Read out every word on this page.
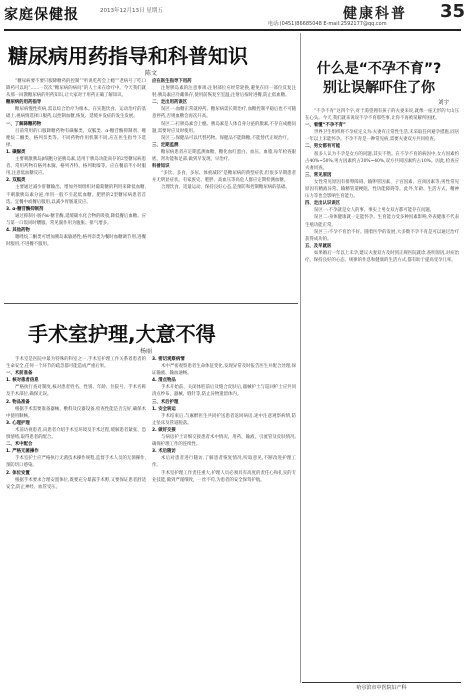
家庭保健报	2013年12月13日 星期五
电话:(0451)86685048 E-mail:2592177@qq.com
健康科普 35
糖尿病用药指导和科普知识
陈文

“糖尿病要不要只服降糖药的控制”“听说吃药会上瘾”“老病号了吃口降药可以吗”……一次次“糖尿病的病问”的人士来在诊疗中。今天我们就从那一回教糖尿病的用药知识,让大家对于用药正确了解知识。

糖尿病的用药指导

糖尿病慢性疾病,需以综合治疗为根本。在实施饮食、运动治疗的基础上,视病情选择口服药,以控制血糖,恢复、延缓并发症的发生发展。

一、了解降糖药物

目前常用的口服降糖药物有磺脲类、双胍类、α-糖苷酶抑制剂、噻唑烷二酮类、格列奈类等。不同药物作用机制不同,应在医生指导下选择。

1. 磺脲类

主要刺激胰岛β细胞分泌胰岛素,适用于胰岛功能尚存的2型糖尿病患者。常用药物有格列本脲、格列齐特、格列吡嗪等。应在餐前半小时服用,注意低血糖反应。

2. 双胍类

主要通过减少肝糖输出、增加外周组织对葡萄糖的利用来降低血糖,不刺激胰岛素分泌,单用一般不引起低血糖。肥胖的2型糖尿病患者首选。宜餐中或餐后服用,以减少胃肠道反应。

3. α-糖苷酶抑制剂

通过抑制小肠内α-糖苷酶,延缓碳水化合物的吸收,降低餐后血糖。应与第一口饭同时嚼服。常见副作用为腹胀、排气增多。

4. 其他药物

噻唑烷二酮类可增加胰岛素敏感性;格列奈类为餐时血糖调节剂,进餐时服用,不进餐不服用。

应在医生指导下用药

注射胰岛素的注意事项:注射部位应经常轮换,避免在同一部位反复注射;胰岛素应冷藏保存,使用前恢复至室温;注射后按时进餐,防止低血糖。

二、走出用药误区

误区一:血糖正常就停药。糖尿病需长期治疗,血糖控制平稳后也不可随意停药,否则血糖会再次升高。

误区二:打胰岛素会上瘾。胰岛素是人体自身分泌的激素,不存在成瘾问题,需要时应及时使用。

误区三:保健品可以代替药物。保健品不能降糖,不能替代正规治疗。

三、定期监测

糖尿病患者应定期监测血糖、糖化血红蛋白、血压、血脂,每年检查眼底、肾功能和足部,做到早发现、早治疗。

科普知识

“多饮、多食、多尿、体重减轻”是糖尿病的典型症状,但很多早期患者并无明显症状。有家族史、肥胖、高血压等高危人群应定期检测血糖。

合理饮食、适量运动、保持良好心态,是预防和控制糖尿病的基础。

手术室护理,大意不得
杨丽

手术室是医院中最为特殊的科室之一,手术室护理工作关系着患者的生命安全,任何一个环节的疏忽都可能造成严重后果。

一、术前准备

1. 核对患者信息

严格执行查对制度,核对患者姓名、性别、年龄、住院号、手术名称及手术部位,确保无误。

2. 物品准备

根据手术需要准备器械、敷料及仪器设备,检查性能是否完好,确保术中使用顺畅。

3. 心理护理

术前访视患者,向患者介绍手术室环境及手术过程,缓解患者紧张、恐惧情绪,取得患者的配合。

二、术中配合

1. 严格无菌操作

手术室护士应严格执行无菌技术操作规程,监督手术人员的无菌操作,预防切口感染。

2. 体位安置

根据手术要求合理安置体位,既要充分暴露手术野,又要保证患者舒适安全,防止神经、血管受压。

3. 密切观察病情

术中严密观察患者生命体征变化,发现异常及时报告医生并配合处理,保证输液、输血通畅。

4. 清点物品

手术开始前、关闭体腔前后及缝合皮肤后,器械护士与巡回护士应共同清点纱布、器械、缝针等,防止异物遗留体内。

三、术后护理

1. 安全转运

手术结束后,与麻醉医生共同护送患者返回病房,途中注意观察病情,防止坠床及管道脱落。

2. 做好交接

与病房护士详细交接患者术中情况、用药、输液、引流管及皮肤情况,确保护理工作的连续性。

3. 术后随访

术后对患者进行随访,了解患者恢复情况,听取意见,不断改进护理工作。

手术室护理工作责任重大,护理人员必须具有高度的责任心和扎实的专业技能,做到严谨细致、一丝不苟,为患者的安全保驾护航。

什么是“不孕不育”?
别让误解吓住了你
刘宇

“不孕不育”这四个字,对于渴望拥有孩子的夫妻来说,就像一座无形的大山压在心头。今天,我们就来说说不孕不育那些事,让你不再被误解所困扰。

一、看懂“不孕不育”

世界卫生组织将不孕症定义为:夫妻有正常性生活,未采取任何避孕措施,同居一年以上未能怀孕。不孕不育是一种常见病,需要夫妻双方共同检查。

二、男女都有可能

很多人认为不孕是女方的问题,其实不然。在不孕不育的病因中,女方因素约占40%~50%,男方因素约占30%~40%,双方共同因素约占10%。因此,检查应夫妻同查。

三、常见原因

女性常见原因有排卵障碍、输卵管因素、子宫因素、宫颈因素等;男性常见原因有精液异常、输精管道梗阻、性功能障碍等。此外,年龄、生活方式、精神压力等也会影响生育能力。

四、走出认识误区

误区一:不孕就是女人的事。事实上男女双方都可能存在问题。

误区二:身体健康就一定能怀孕。生育能力受多种因素影响,外表健康不代表生殖功能正常。

误区三:不孕不育治不好。随着医学的发展,大多数不孕不育是可以通过治疗获得成功的。

五、及早就医

如果婚后一年以上未孕,建议夫妻双方及时到正规医院就诊,查明原因,对症治疗。保持良好的心态、规律的作息和健康的生活方式,都有助于提高受孕几率。

哈尔滨市中医院妇产科
